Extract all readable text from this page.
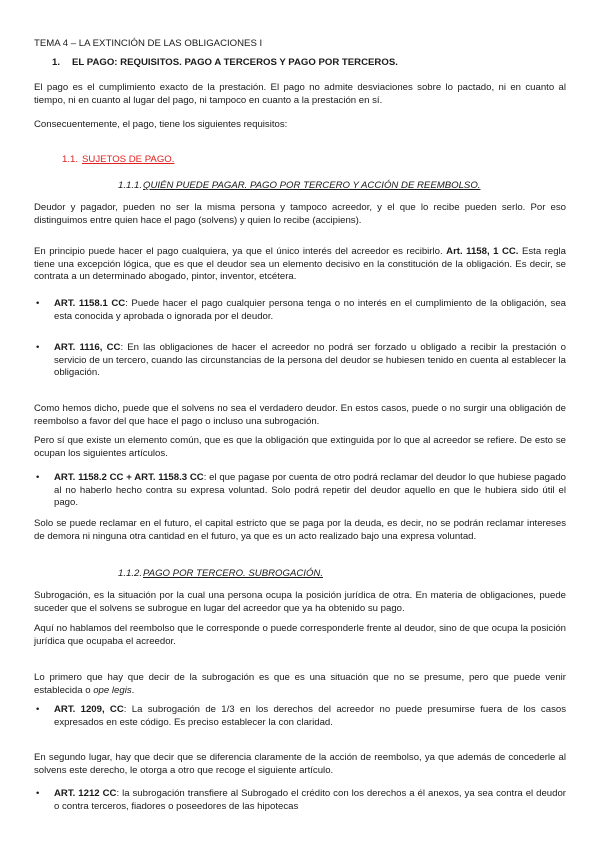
TEMA 4 – LA EXTINCIÓN DE LAS OBLIGACIONES I

1. EL PAGO: REQUISITOS. PAGO A TERCEROS Y PAGO POR TERCEROS.

El pago es el cumplimiento exacto de la prestación. El pago no admite desviaciones sobre lo pactado, ni en cuanto al tiempo, ni en cuanto al lugar del pago, ni tampoco en cuanto a la prestación en sí.

Consecuentemente, el pago, tiene los siguientes requisitos:

1.1. SUJETOS DE PAGO.

1.1.1. QUIÉN PUEDE PAGAR. PAGO POR TERCERO Y ACCIÓN DE REEMBOLSO.

Deudor y pagador, pueden no ser la misma persona y tampoco acreedor, y el que lo recibe pueden serlo. Por eso distinguimos entre quien hace el pago (solvens) y quien lo recibe (accipiens).

En principio puede hacer el pago cualquiera, ya que el único interés del acreedor es recibirlo. Art. 1158, 1 CC. Esta regla tiene una excepción lógica, que es que el deudor sea un elemento decisivo en la constitución de la obligación. Es decir, se contrata a un determinado abogado, pintor, inventor, etcétera.

• ART. 1158.1 CC: Puede hacer el pago cualquier persona tenga o no interés en el cumplimiento de la obligación, sea esta conocida y aprobada o ignorada por el deudor.

• ART. 1116, CC: En las obligaciones de hacer el acreedor no podrá ser forzado u obligado a recibir la prestación o servicio de un tercero, cuando las circunstancias de la persona del deudor se hubiesen tenido en cuenta al establecer la obligación.

Como hemos dicho, puede que el solvens no sea el verdadero deudor. En estos casos, puede o no surgir una obligación de reembolso a favor del que hace el pago o incluso una subrogación.

Pero sí que existe un elemento común, que es que la obligación que extinguida por lo que al acreedor se refiere. De esto se ocupan los siguientes artículos.

• ART. 1158.2 CC + ART. 1158.3 CC: el que pagase por cuenta de otro podrá reclamar del deudor lo que hubiese pagado al no haberlo hecho contra su expresa voluntad. Solo podrá repetir del deudor aquello en que le hubiera sido útil el pago.

Solo se puede reclamar en el futuro, el capital estricto que se paga por la deuda, es decir, no se podrán reclamar intereses de demora ni ninguna otra cantidad en el futuro, ya que es un acto realizado bajo una expresa voluntad.

1.1.2. PAGO POR TERCERO. SUBROGACIÓN.

Subrogación, es la situación por la cual una persona ocupa la posición jurídica de otra. En materia de obligaciones, puede suceder que el solvens se subrogue en lugar del acreedor que ya ha obtenido su pago.

Aquí no hablamos del reembolso que le corresponde o puede corresponderle frente al deudor, sino de que ocupa la posición jurídica que ocupaba el acreedor.

Lo primero que hay que decir de la subrogación es que es una situación que no se presume, pero que puede venir establecida o ope legis.

• ART. 1209, CC: La subrogación de 1/3 en los derechos del acreedor no puede presumirse fuera de los casos expresados en este código. Es preciso establecer la con claridad.

En segundo lugar, hay que decir que se diferencia claramente de la acción de reembolso, ya que además de concederle al solvens este derecho, le otorga a otro que recoge el siguiente artículo.

• ART. 1212 CC: la subrogación transfiere al Subrogado el crédito con los derechos a él anexos, ya sea contra el deudor o contra terceros, fiadores o poseedores de las hipotecas
